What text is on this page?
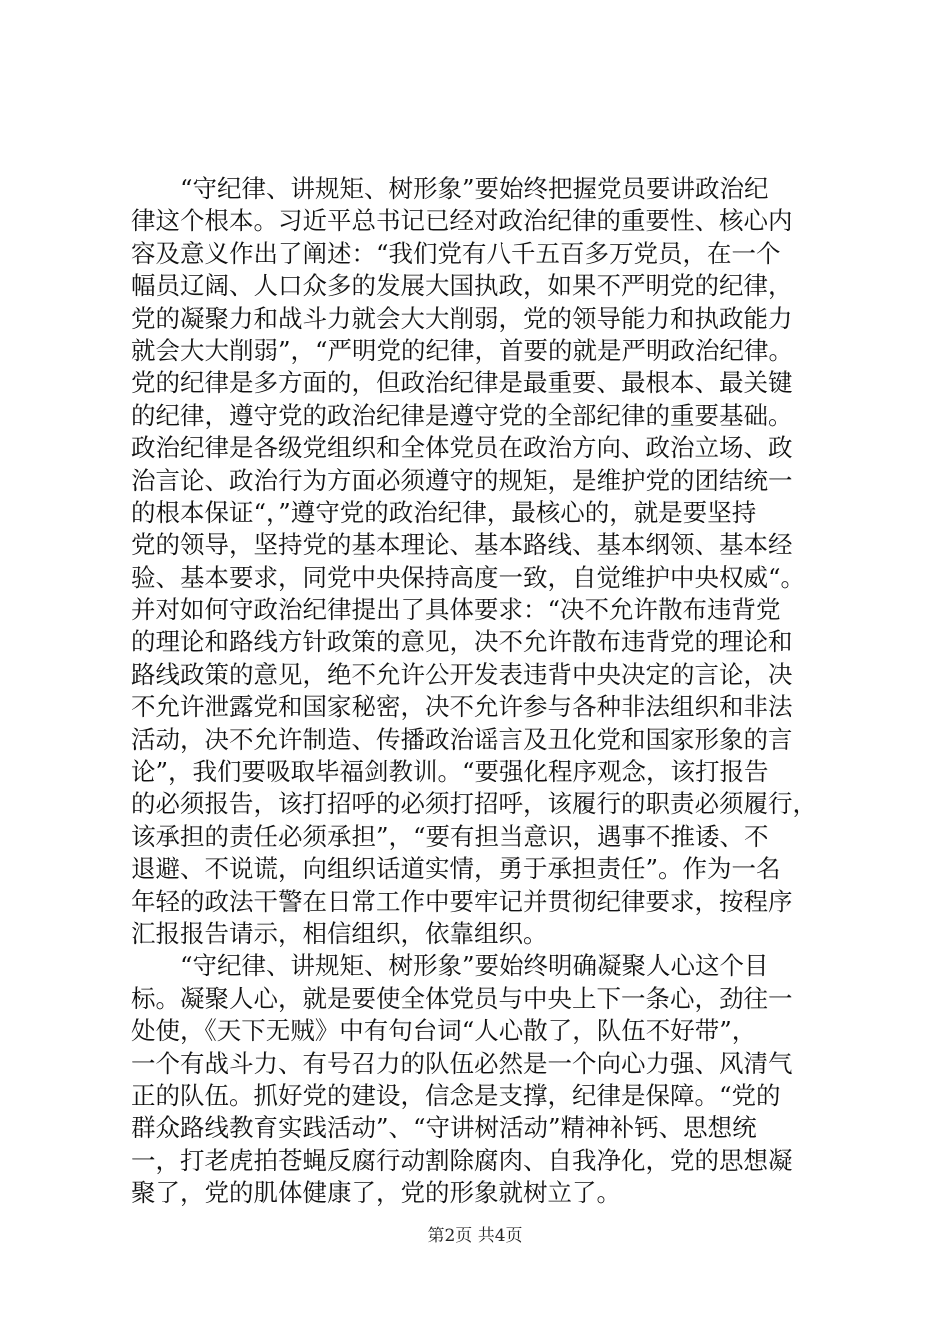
“守纪律、讲规矩、树形象”要始终把握党员要讲政治纪
律这个根本。习近平总书记已经对政治纪律的重要性、核心内
容及意义作出了阐述：“我们党有八千五百多万党员，在一个
幅员辽阔、人口众多的发展大国执政，如果不严明党的纪律，
党的凝聚力和战斗力就会大大削弱，党的领导能力和执政能力
就会大大削弱”，“严明党的纪律，首要的就是严明政治纪律。
党的纪律是多方面的，但政治纪律是最重要、最根本、最关键
的纪律，遵守党的政治纪律是遵守党的全部纪律的重要基础。
政治纪律是各级党组织和全体党员在政治方向、政治立场、政
治言论、政治行为方面必须遵守的规矩，是维护党的团结统一
的根本保证“，”遵守党的政治纪律，最核心的，就是要坚持
党的领导，坚持党的基本理论、基本路线、基本纲领、基本经
验、基本要求，同党中央保持高度一致，自觉维护中央权威“。
并对如何守政治纪律提出了具体要求：“决不允许散布违背党
的理论和路线方针政策的意见，决不允许散布违背党的理论和
路线政策的意见，绝不允许公开发表违背中央决定的言论，决
不允许泄露党和国家秘密，决不允许参与各种非法组织和非法
活动，决不允许制造、传播政治谣言及丑化党和国家形象的言
论”，我们要吸取毕福剑教训。“要强化程序观念，该打报告
的必须报告，该打招呼的必须打招呼，该履行的职责必须履行，
该承担的责任必须承担”，“要有担当意识，遇事不推诿、不
退避、不说谎，向组织话道实情，勇于承担责任”。作为一名
年轻的政法干警在日常工作中要牢记并贯彻纪律要求，按程序
汇报报告请示，相信组织，依靠组织。
“守纪律、讲规矩、树形象”要始终明确凝聚人心这个目
标。凝聚人心，就是要使全体党员与中央上下一条心，劲往一
处使，《天下无贼》中有句台词“人心散了，队伍不好带”，
一个有战斗力、有号召力的队伍必然是一个向心力强、风清气
正的队伍。抓好党的建设，信念是支撑，纪律是保障。“党的
群众路线教育实践活动”、“守讲树活动”精神补钙、思想统
一，打老虎拍苍蝇反腐行动割除腐肉、自我净化，党的思想凝
聚了，党的肌体健康了，党的形象就树立了。
第2页 共4页
